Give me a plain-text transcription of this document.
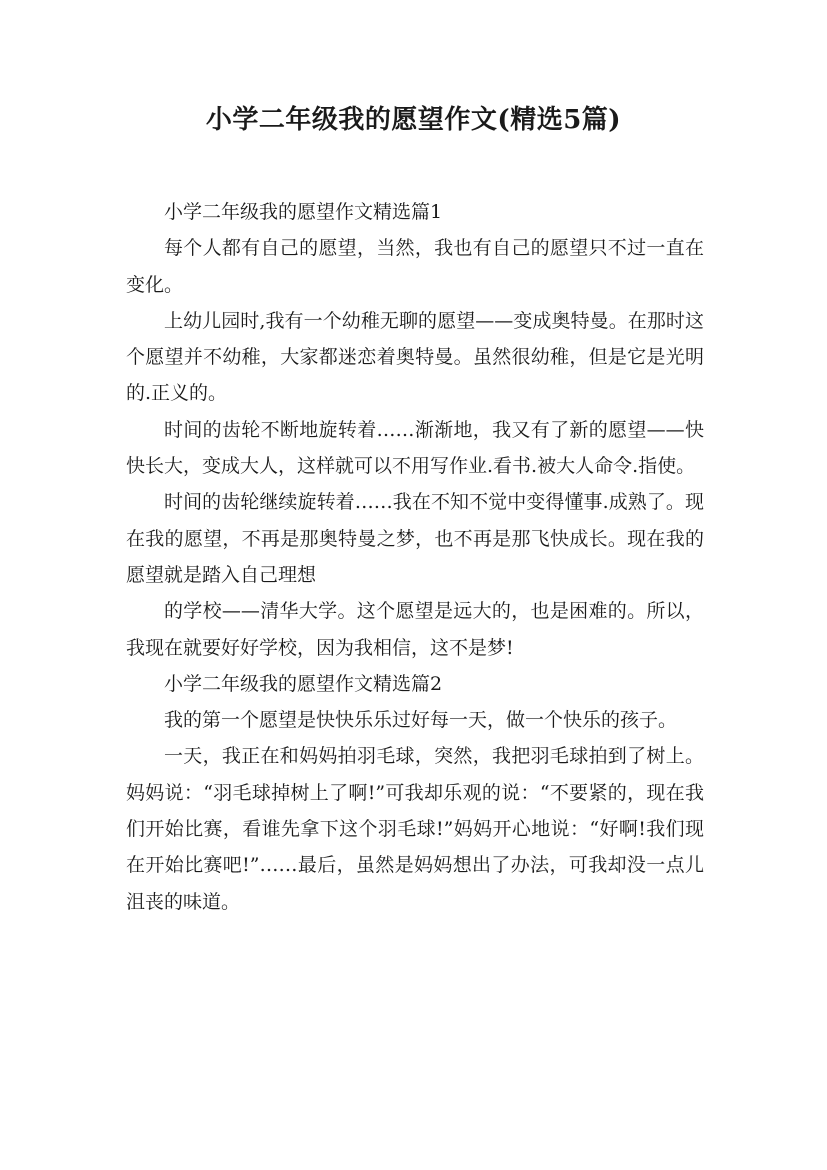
小学二年级我的愿望作文(精选5篇)

小学二年级我的愿望作文精选篇1

每个人都有自己的愿望，当然，我也有自己的愿望只不过一直在变化。

上幼儿园时,我有一个幼稚无聊的愿望——变成奥特曼。在那时这个愿望并不幼稚，大家都迷恋着奥特曼。虽然很幼稚，但是它是光明的.正义的。

时间的齿轮不断地旋转着……渐渐地，我又有了新的愿望——快快长大，变成大人，这样就可以不用写作业.看书.被大人命令.指使。

时间的齿轮继续旋转着……我在不知不觉中变得懂事.成熟了。现在我的愿望，不再是那奥特曼之梦，也不再是那飞快成长。现在我的愿望就是踏入自己理想

的学校——清华大学。这个愿望是远大的，也是困难的。所以，我现在就要好好学校，因为我相信，这不是梦!

小学二年级我的愿望作文精选篇2

我的第一个愿望是快快乐乐过好每一天，做一个快乐的孩子。

一天，我正在和妈妈拍羽毛球，突然，我把羽毛球拍到了树上。妈妈说：“羽毛球掉树上了啊!”可我却乐观的说：“不要紧的，现在我们开始比赛，看谁先拿下这个羽毛球!”妈妈开心地说：“好啊!我们现在开始比赛吧!”……最后，虽然是妈妈想出了办法，可我却没一点儿沮丧的味道。
